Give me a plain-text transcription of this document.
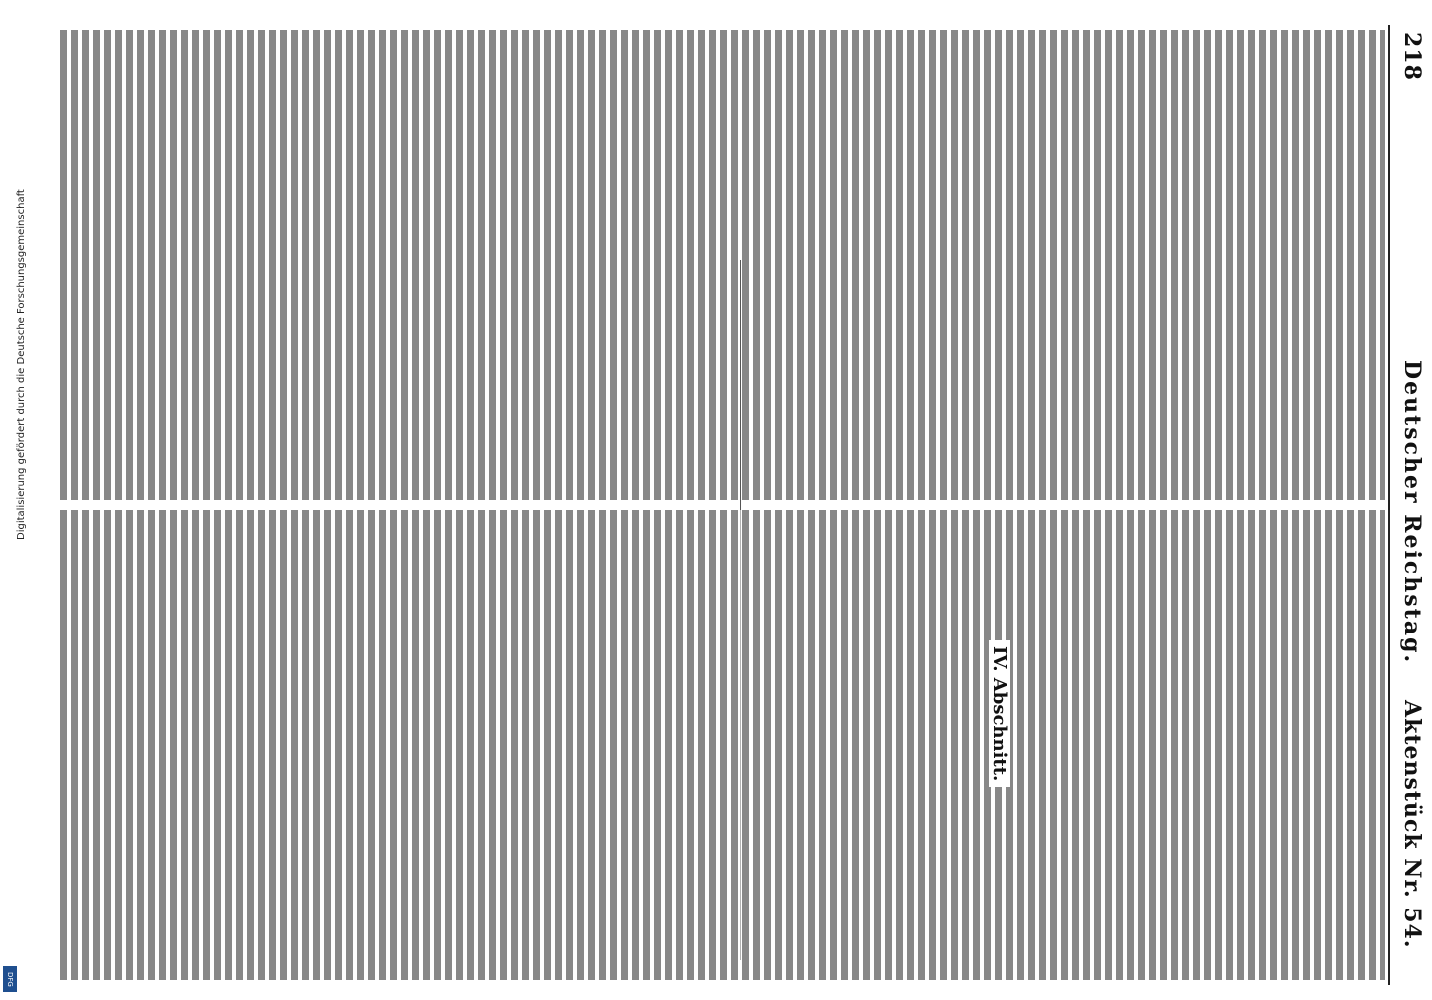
218
Deutscher Reichstag.
Aktenstück Nr. 54.
IV. Abschnitt.
Digitalisierung gefördert durch die Deutsche Forschungsgemeinschaft
DFG
